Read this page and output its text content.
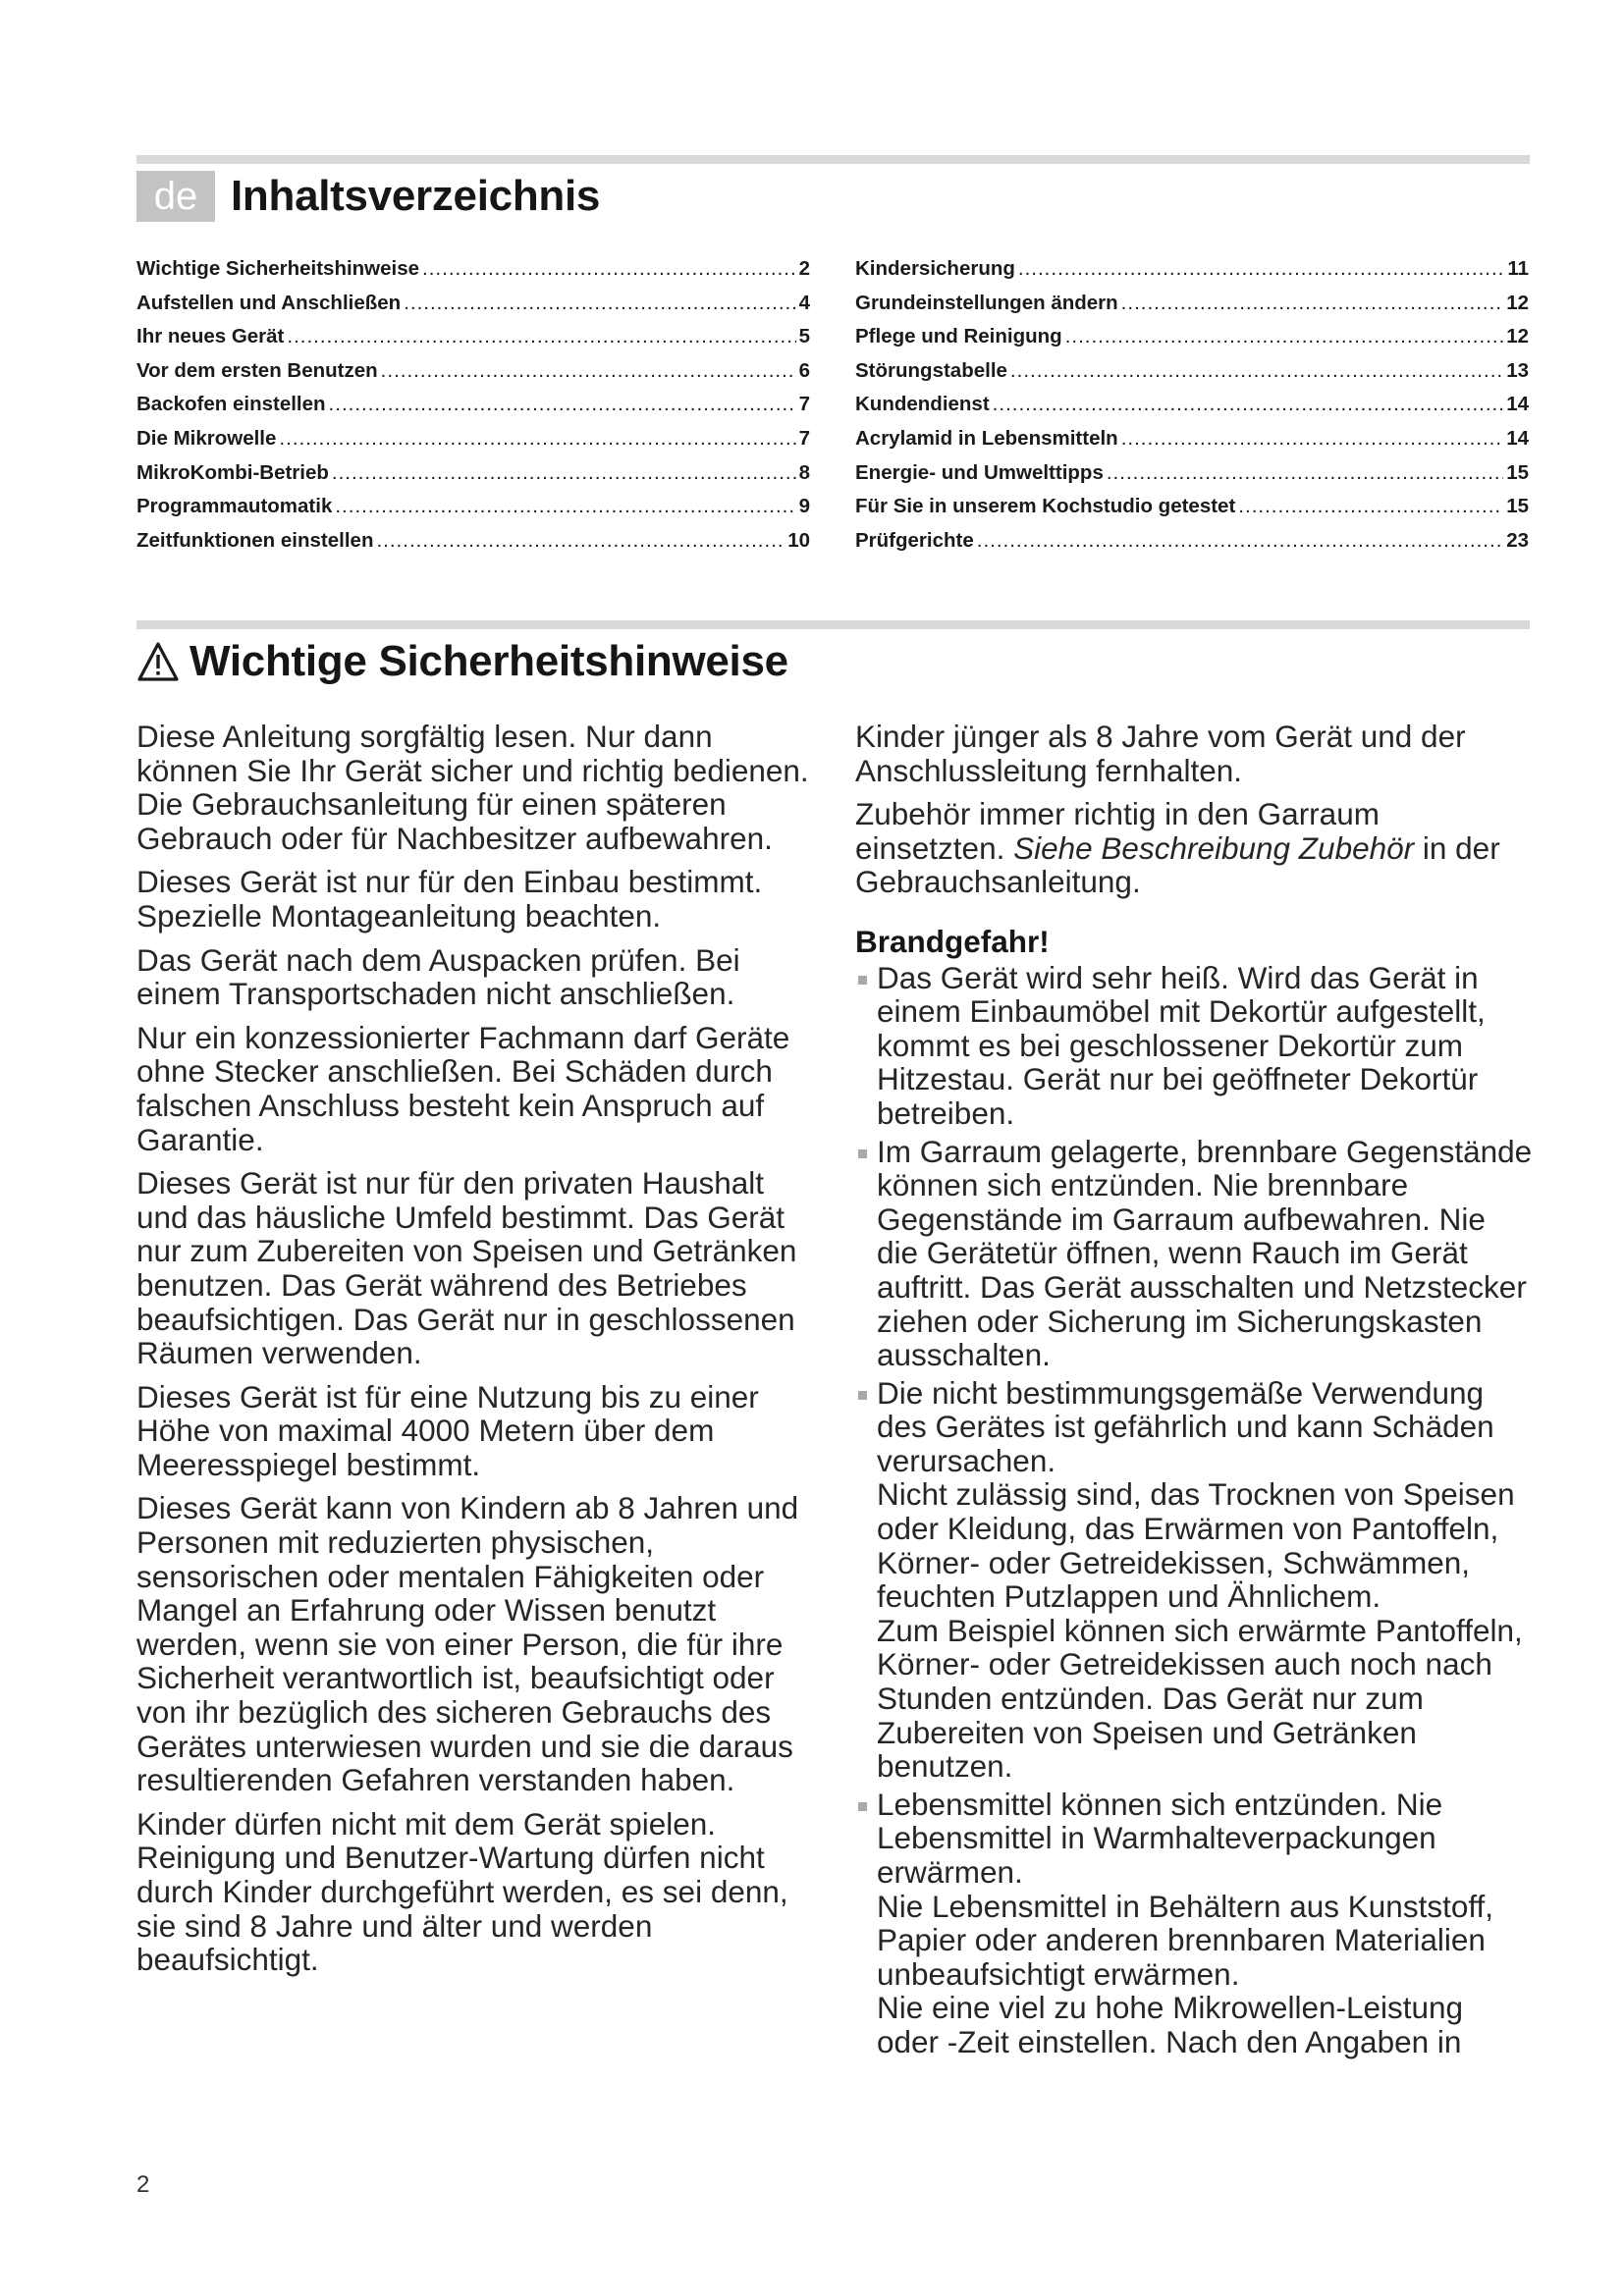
de Inhaltsverzeichnis
Wichtige Sicherheitshinweise .....	2
Aufstellen und Anschließen .....	4
Ihr neues Gerät .....	5
Vor dem ersten Benutzen .....	6
Backofen einstellen .....	7
Die Mikrowelle .....	7
MikroKombi-Betrieb .....	8
Programmautomatik .....	9
Zeitfunktionen einstellen .....	10
Kindersicherung .....	11
Grundeinstellungen ändern .....	12
Pflege und Reinigung .....	12
Störungstabelle .....	13
Kundendienst .....	14
Acrylamid in Lebensmitteln .....	14
Energie- und Umwelttipps .....	15
Für Sie in unserem Kochstudio getestet .....	15
Prüfgerichte .....	23
Wichtige Sicherheitshinweise

Diese Anleitung sorgfältig lesen. Nur dann können Sie Ihr Gerät sicher und richtig bedienen. Die Gebrauchsanleitung für einen späteren Gebrauch oder für Nachbesitzer aufbewahren.

Dieses Gerät ist nur für den Einbau bestimmt. Spezielle Montageanleitung beachten.

Das Gerät nach dem Auspacken prüfen. Bei einem Transportschaden nicht anschließen.

Nur ein konzessionierter Fachmann darf Geräte ohne Stecker anschließen. Bei Schäden durch falschen Anschluss besteht kein Anspruch auf Garantie.

Dieses Gerät ist nur für den privaten Haushalt und das häusliche Umfeld bestimmt. Das Gerät nur zum Zubereiten von Speisen und Getränken benutzen. Das Gerät während des Betriebes beaufsichtigen. Das Gerät nur in geschlossenen Räumen verwenden.

Dieses Gerät ist für eine Nutzung bis zu einer Höhe von maximal 4000 Metern über dem Meeresspiegel bestimmt.

Dieses Gerät kann von Kindern ab 8 Jahren und Personen mit reduzierten physischen, sensorischen oder mentalen Fähigkeiten oder Mangel an Erfahrung oder Wissen benutzt werden, wenn sie von einer Person, die für ihre Sicherheit verantwortlich ist, beaufsichtigt oder von ihr bezüglich des sicheren Gebrauchs des Gerätes unterwiesen wurden und sie die daraus resultierenden Gefahren verstanden haben.

Kinder dürfen nicht mit dem Gerät spielen. Reinigung und Benutzer-Wartung dürfen nicht durch Kinder durchgeführt werden, es sei denn, sie sind 8 Jahre und älter und werden beaufsichtigt.

Kinder jünger als 8 Jahre vom Gerät und der Anschlussleitung fernhalten.

Zubehör immer richtig in den Garraum einsetzten. Siehe Beschreibung Zubehör in der Gebrauchsanleitung.

Brandgefahr!
Das Gerät wird sehr heiß. Wird das Gerät in einem Einbaumöbel mit Dekortür aufgestellt, kommt es bei geschlossener Dekortür zum Hitzestau. Gerät nur bei geöffneter Dekortür betreiben.
Im Garraum gelagerte, brennbare Gegenstände können sich entzünden. Nie brennbare Gegenstände im Garraum aufbewahren. Nie die Gerätetür öffnen, wenn Rauch im Gerät auftritt. Das Gerät ausschalten und Netzstecker ziehen oder Sicherung im Sicherungskasten ausschalten.
Die nicht bestimmungsgemäße Verwendung des Gerätes ist gefährlich und kann Schäden verursachen.
Nicht zulässig sind, das Trocknen von Speisen oder Kleidung, das Erwärmen von Pantoffeln, Körner- oder Getreidekissen, Schwämmen, feuchten Putzlappen und Ähnlichem.
Zum Beispiel können sich erwärmte Pantoffeln, Körner- oder Getreidekissen auch noch nach Stunden entzünden. Das Gerät nur zum Zubereiten von Speisen und Getränken benutzen.
Lebensmittel können sich entzünden. Nie Lebensmittel in Warmhalteverpackungen erwärmen.
Nie Lebensmittel in Behältern aus Kunststoff, Papier oder anderen brennbaren Materialien unbeaufsichtigt erwärmen.
Nie eine viel zu hohe Mikrowellen-Leistung oder -Zeit einstellen. Nach den Angaben in
2
